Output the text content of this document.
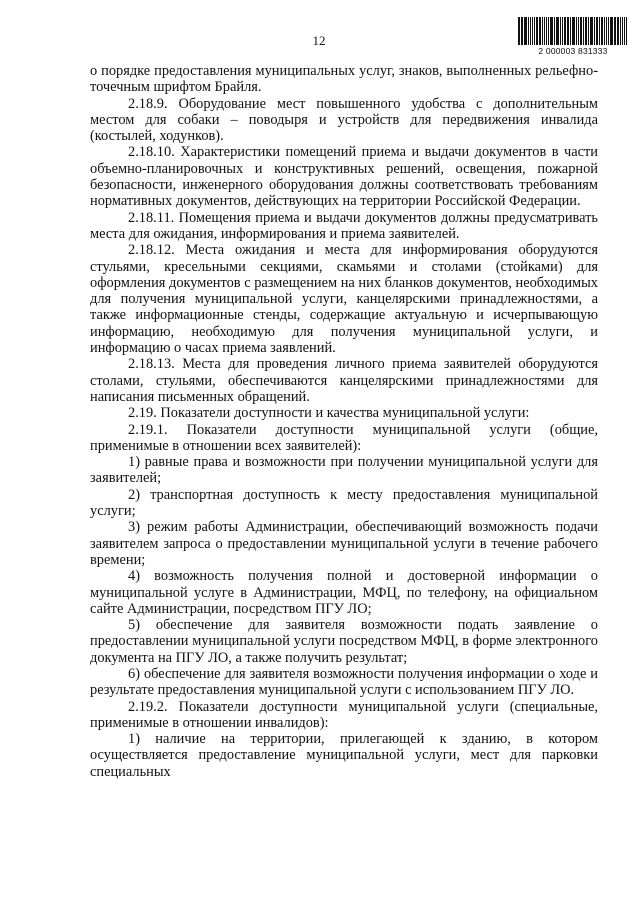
12
2 000003 831333

о порядке предоставления муниципальных услуг, знаков, выполненных рельефно-точечным шрифтом Брайля.

2.18.9. Оборудование мест повышенного удобства с дополнительным местом для собаки – поводыря и устройств для передвижения инвалида (костылей, ходунков).

2.18.10. Характеристики помещений приема и выдачи документов в части объемно-планировочных и конструктивных решений, освещения, пожарной безопасности, инженерного оборудования должны соответствовать требованиям нормативных документов, действующих на территории Российской Федерации.

2.18.11. Помещения приема и выдачи документов должны предусматривать места для ожидания, информирования и приема заявителей.

2.18.12. Места ожидания и места для информирования оборудуются стульями, кресельными секциями, скамьями и столами (стойками) для оформления документов с размещением на них бланков документов, необходимых для получения муниципальной услуги, канцелярскими принадлежностями, а также информационные стенды, содержащие актуальную и исчерпывающую информацию, необходимую для получения муниципальной услуги, и информацию о часах приема заявлений.

2.18.13. Места для проведения личного приема заявителей оборудуются столами, стульями, обеспечиваются канцелярскими принадлежностями для написания письменных обращений.

2.19. Показатели доступности и качества муниципальной услуги:

2.19.1. Показатели доступности муниципальной услуги (общие, применимые в отношении всех заявителей):

1) равные права и возможности при получении муниципальной услуги для заявителей;

2) транспортная доступность к месту предоставления муниципальной услуги;

3) режим работы Администрации, обеспечивающий возможность подачи заявителем запроса о предоставлении муниципальной услуги в течение рабочего времени;

4) возможность получения полной и достоверной информации о муниципальной услуге в Администрации, МФЦ, по телефону, на официальном сайте Администрации, посредством ПГУ ЛО;

5) обеспечение для заявителя возможности подать заявление о предоставлении муниципальной услуги посредством МФЦ, в форме электронного документа на ПГУ ЛО, а также получить результат;

6) обеспечение для заявителя возможности получения информации о ходе и результате предоставления муниципальной услуги с использованием ПГУ ЛО.

2.19.2. Показатели доступности муниципальной услуги (специальные, применимые в отношении инвалидов):

1) наличие на территории, прилегающей к зданию, в котором осуществляется предоставление муниципальной услуги, мест для парковки специальных
